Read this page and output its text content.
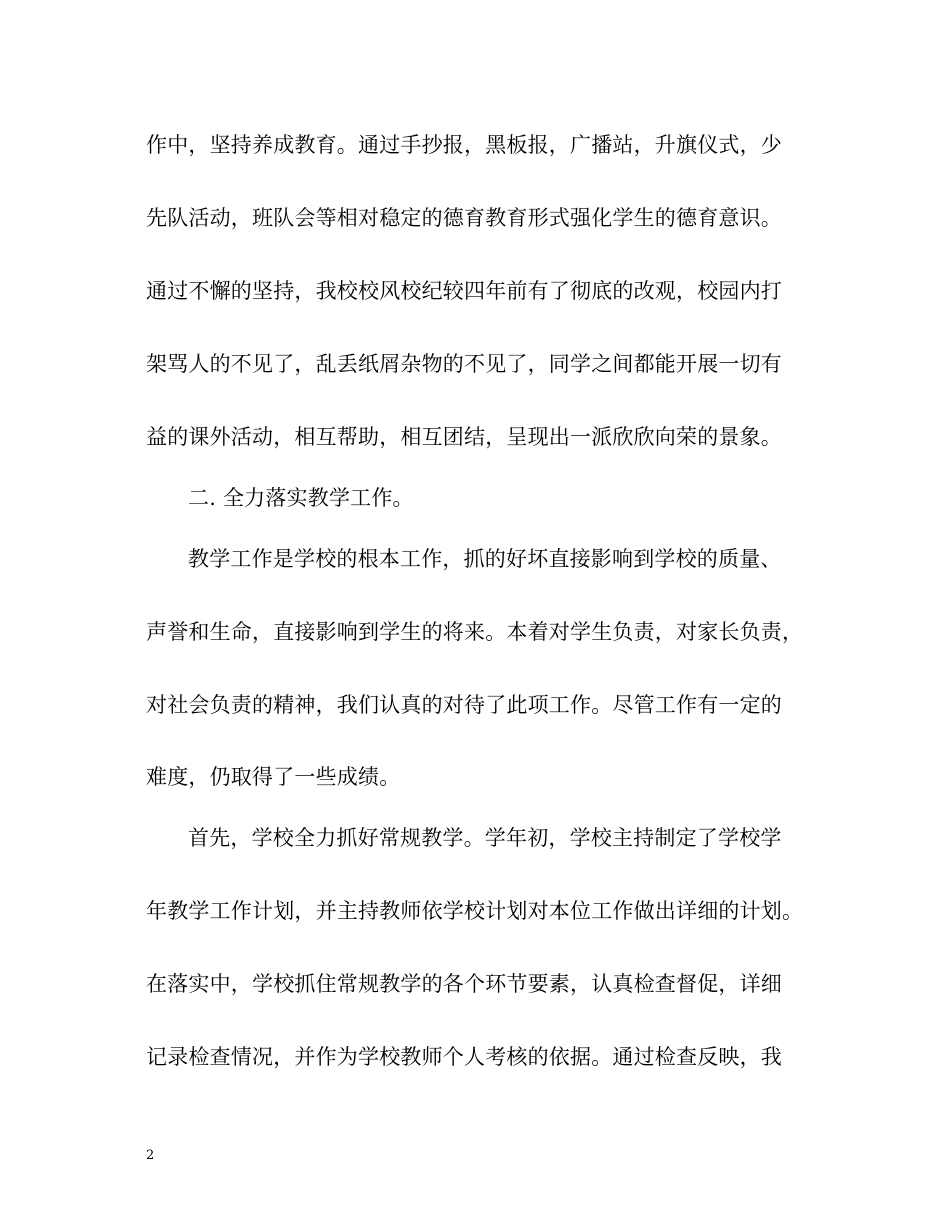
作中，坚持养成教育。通过手抄报，黑板报，广播站，升旗仪式，少
先队活动，班队会等相对稳定的德育教育形式强化学生的德育意识。
通过不懈的坚持，我校校风校纪较四年前有了彻底的改观，校园内打
架骂人的不见了，乱丢纸屑杂物的不见了，同学之间都能开展一切有
益的课外活动，相互帮助，相互团结，呈现出一派欣欣向荣的景象。
二. 全力落实教学工作。
教学工作是学校的根本工作，抓的好坏直接影响到学校的质量、
声誉和生命，直接影响到学生的将来。本着对学生负责，对家长负责，
对社会负责的精神，我们认真的对待了此项工作。尽管工作有一定的
难度，仍取得了一些成绩。
首先，学校全力抓好常规教学。学年初，学校主持制定了学校学
年教学工作计划，并主持教师依学校计划对本位工作做出详细的计划。
在落实中，学校抓住常规教学的各个环节要素，认真检查督促，详细
记录检查情况，并作为学校教师个人考核的依据。通过检查反映，我
2
